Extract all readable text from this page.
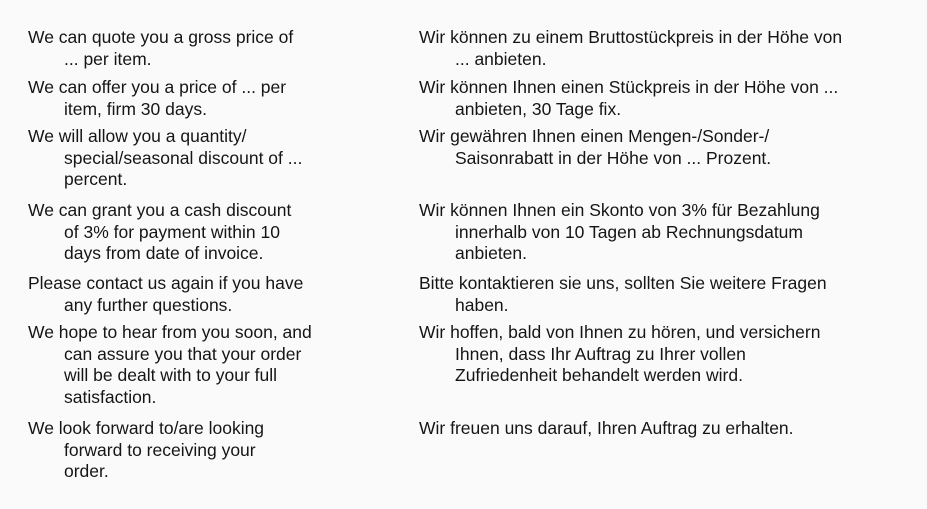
We can quote you a gross price of
... per item.

Wir können zu einem Bruttostückpreis in der Höhe von
... anbieten.

We can offer you a price of ... per
item, firm 30 days.

Wir können Ihnen einen Stückpreis in der Höhe von ...
anbieten, 30 Tage fix.

We will allow you a quantity/
special/seasonal discount of ...
percent.

Wir gewähren Ihnen einen Mengen-/Sonder-/
Saisonrabatt in der Höhe von ... Prozent.

We can grant you a cash discount
of 3% for payment within 10
days from date of invoice.

Wir können Ihnen ein Skonto von 3% für Bezahlung
innerhalb von 10 Tagen ab Rechnungsdatum
anbieten.

Please contact us again if you have
any further questions.

Bitte kontaktieren sie uns, sollten Sie weitere Fragen
haben.

We hope to hear from you soon, and
can assure you that your order
will be dealt with to your full
satisfaction.

Wir hoffen, bald von Ihnen zu hören, und versichern
Ihnen, dass Ihr Auftrag zu Ihrer vollen
Zufriedenheit behandelt werden wird.

We look forward to/are looking
forward to receiving your
order.

Wir freuen uns darauf, Ihren Auftrag zu erhalten.
